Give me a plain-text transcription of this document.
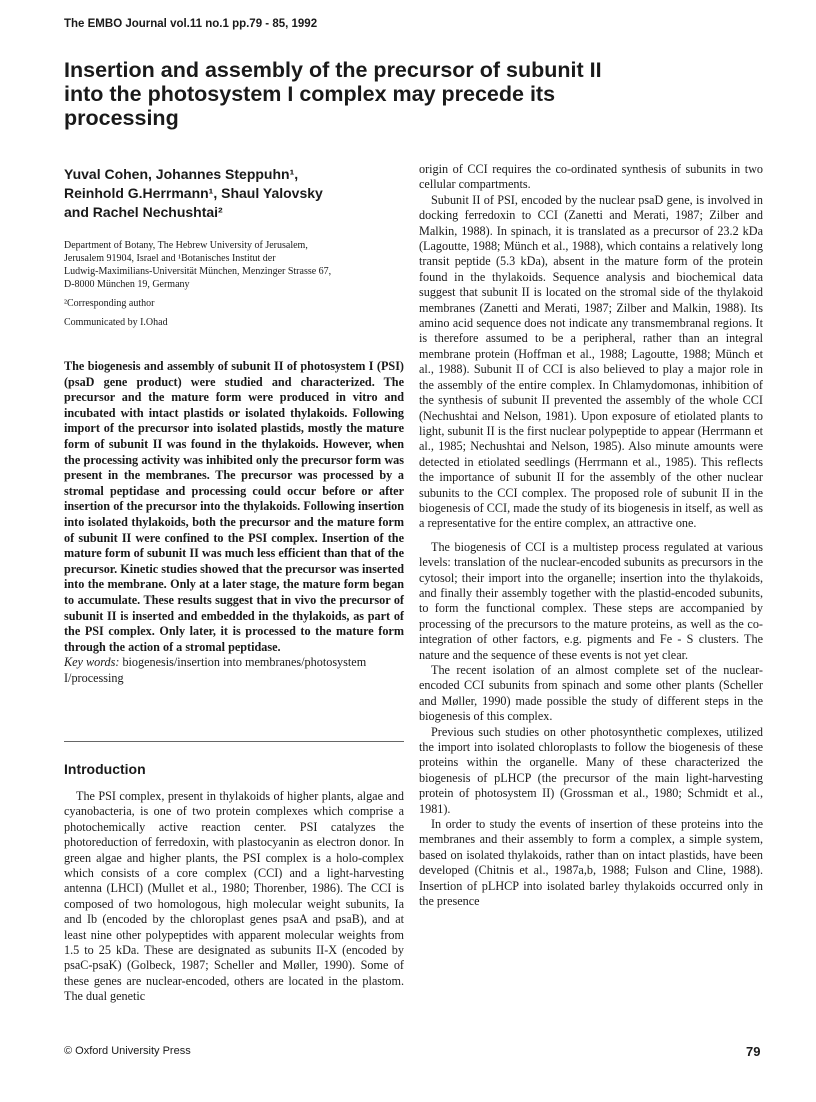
The EMBO Journal vol.11 no.1 pp.79 - 85, 1992
Insertion and assembly of the precursor of subunit II
into the photosystem I complex may precede its
processing
Yuval Cohen, Johannes Steppuhn¹,
Reinhold G.Herrmann¹, Shaul Yalovsky
and Rachel Nechushtai²
Department of Botany, The Hebrew University of Jerusalem,
Jerusalem 91904, Israel and ¹Botanisches Institut der
Ludwig-Maximilians-Universität München, Menzinger Strasse 67,
D-8000 München 19, Germany
²Corresponding author
Communicated by I.Ohad
The biogenesis and assembly of subunit II of photosystem I (PSI) (psaD gene product) were studied and characterized. The precursor and the mature form were produced in vitro and incubated with intact plastids or isolated thylakoids. Following import of the precursor into isolated plastids, mostly the mature form of subunit II was found in the thylakoids. However, when the processing activity was inhibited only the precursor form was present in the membranes. The precursor was processed by a stromal peptidase and processing could occur before or after insertion of the precursor into the thylakoids. Following insertion into isolated thylakoids, both the precursor and the mature form of subunit II were confined to the PSI complex. Insertion of the mature form of subunit II was much less efficient than that of the precursor. Kinetic studies showed that the precursor was inserted into the membrane. Only at a later stage, the mature form began to accumulate. These results suggest that in vivo the precursor of subunit II is inserted and embedded in the thylakoids, as part of the PSI complex. Only later, it is processed to the mature form through the action of a stromal peptidase.
Key words: biogenesis/insertion into membranes/photosystem I/processing
Introduction

The PSI complex, present in thylakoids of higher plants, algae and cyanobacteria, is one of two protein complexes which comprise a photochemically active reaction center. PSI catalyzes the photoreduction of ferredoxin, with plastocyanin as electron donor. In green algae and higher plants, the PSI complex is a holo-complex which consists of a core complex (CCI) and a light-harvesting antenna (LHCI) (Mullet et al., 1980; Thorenber, 1986). The CCI is composed of two homologous, high molecular weight subunits, Ia and Ib (encoded by the chloroplast genes psaA and psaB), and at least nine other polypeptides with apparent molecular weights from 1.5 to 25 kDa. These are designated as subunits II-X (encoded by psaC-psaK) (Golbeck, 1987; Scheller and Møller, 1990). Some of these genes are nuclear-encoded, others are located in the plastom. The dual genetic

origin of CCI requires the co-ordinated synthesis of subunits in two cellular compartments.

Subunit II of PSI, encoded by the nuclear psaD gene, is involved in docking ferredoxin to CCI (Zanetti and Merati, 1987; Zilber and Malkin, 1988). In spinach, it is translated as a precursor of 23.2 kDa (Lagoutte, 1988; Münch et al., 1988), which contains a relatively long transit peptide (5.3 kDa), absent in the mature form of the protein found in the thylakoids. Sequence analysis and biochemical data suggest that subunit II is located on the stromal side of the thylakoid membranes (Zanetti and Merati, 1987; Zilber and Malkin, 1988). Its amino acid sequence does not indicate any transmembranal regions. It is therefore assumed to be a peripheral, rather than an integral membrane protein (Hoffman et al., 1988; Lagoutte, 1988; Münch et al., 1988). Subunit II of CCI is also believed to play a major role in the assembly of the entire complex. In Chlamydomonas, inhibition of the synthesis of subunit II prevented the assembly of the whole CCI (Nechushtai and Nelson, 1981). Upon exposure of etiolated plants to light, subunit II is the first nuclear polypeptide to appear (Herrmann et al., 1985; Nechushtai and Nelson, 1985). Also minute amounts were detected in etiolated seedlings (Herrmann et al., 1985). This reflects the importance of subunit II for the assembly of the other nuclear subunits to the CCI complex. The proposed role of subunit II in the biogenesis of CCI, made the study of its biogenesis in itself, as well as a representative for the entire complex, an attractive one.

The biogenesis of CCI is a multistep process regulated at various levels: translation of the nuclear-encoded subunits as precursors in the cytosol; their import into the organelle; insertion into the thylakoids, and finally their assembly together with the plastid-encoded subunits, to form the functional complex. These steps are accompanied by processing of the precursors to the mature proteins, as well as the co-integration of other factors, e.g. pigments and Fe - S clusters. The nature and the sequence of these events is not yet clear.

The recent isolation of an almost complete set of the nuclear-encoded CCI subunits from spinach and some other plants (Scheller and Møller, 1990) made possible the study of different steps in the biogenesis of this complex.

Previous such studies on other photosynthetic complexes, utilized the import into isolated chloroplasts to follow the biogenesis of these proteins within the organelle. Many of these characterized the biogenesis of pLHCP (the precursor of the main light-harvesting protein of photosystem II) (Grossman et al., 1980; Schmidt et al., 1981).

In order to study the events of insertion of these proteins into the membranes and their assembly to form a complex, a simple system, based on isolated thylakoids, rather than on intact plastids, have been developed (Chitnis et al., 1987a,b, 1988; Fulson and Cline, 1988). Insertion of pLHCP into isolated barley thylakoids occurred only in the presence

© Oxford University Press	79
